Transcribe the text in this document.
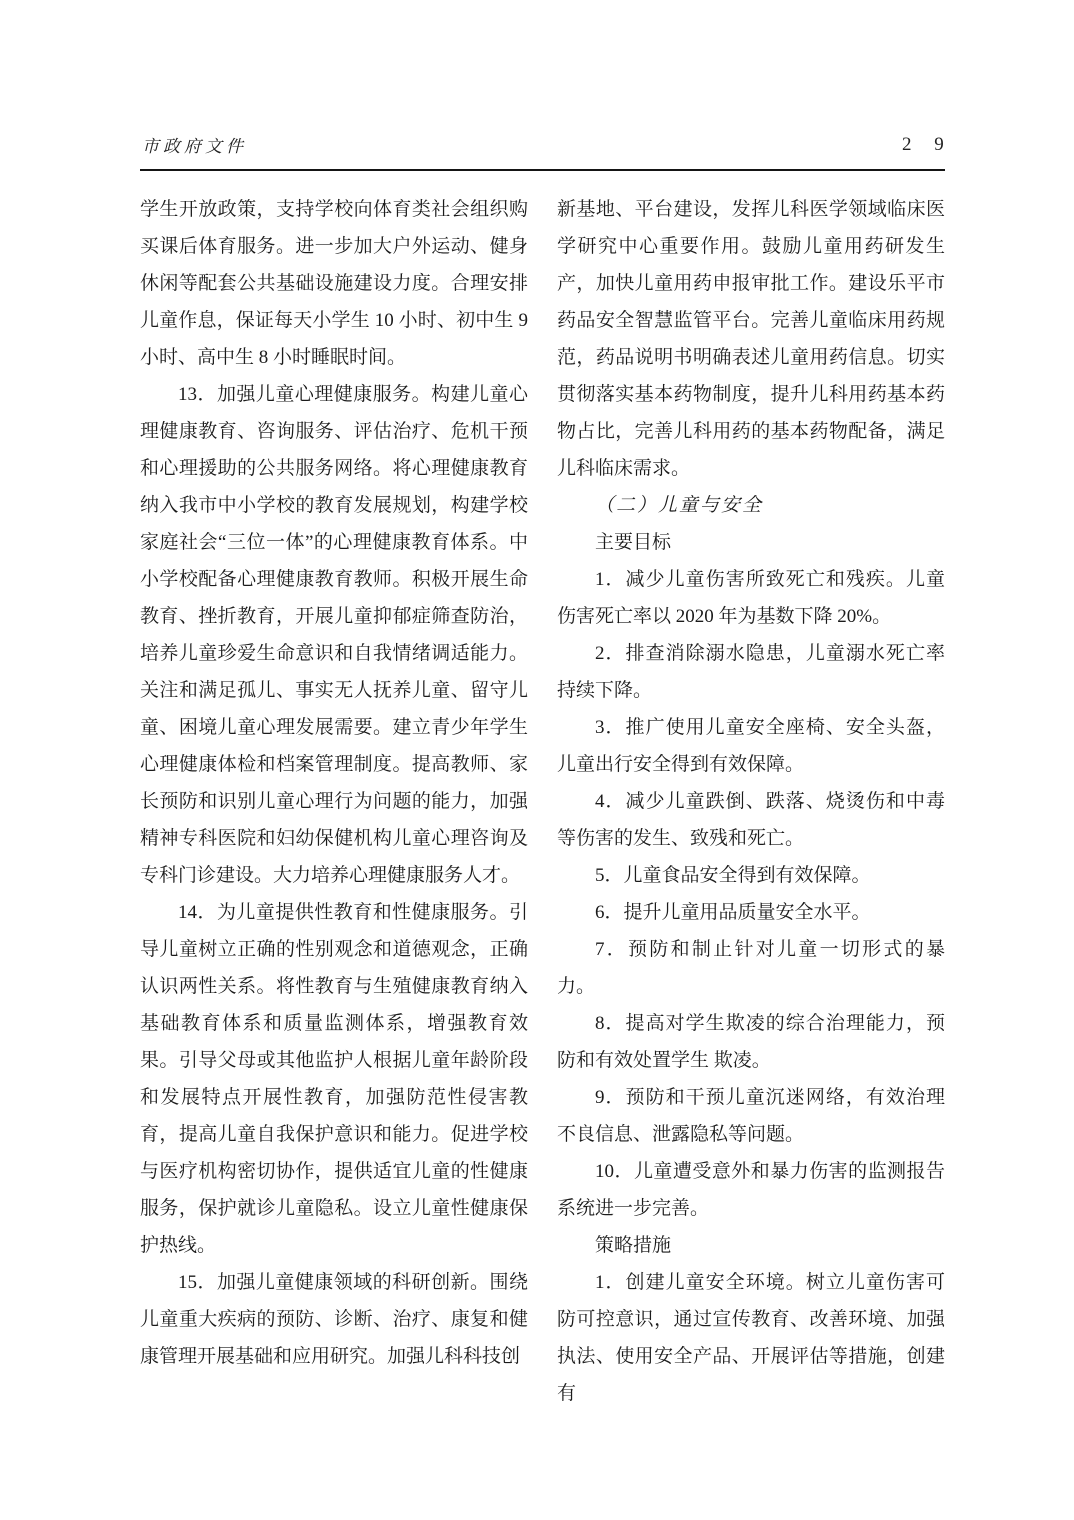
市政府文件	2 9

学生开放政策，支持学校向体育类社会组织购买课后体育服务。进一步加大户外运动、健身休闲等配套公共基础设施建设力度。合理安排儿童作息，保证每天小学生 10 小时、初中生 9 小时、高中生 8 小时睡眠时间。

13．加强儿童心理健康服务。构建儿童心理健康教育、咨询服务、评估治疗、危机干预和心理援助的公共服务网络。将心理健康教育纳入我市中小学校的教育发展规划，构建学校家庭社会“三位一体”的心理健康教育体系。中小学校配备心理健康教育教师。积极开展生命教育、挫折教育，开展儿童抑郁症筛查防治，培养儿童珍爱生命意识和自我情绪调适能力。关注和满足孤儿、事实无人抚养儿童、留守儿童、困境儿童心理发展需要。建立青少年学生心理健康体检和档案管理制度。提高教师、家长预防和识别儿童心理行为问题的能力，加强精神专科医院和妇幼保健机构儿童心理咨询及专科门诊建设。大力培养心理健康服务人才。

14．为儿童提供性教育和性健康服务。引导儿童树立正确的性别观念和道德观念，正确认识两性关系。将性教育与生殖健康教育纳入基础教育体系和质量监测体系，增强教育效果。引导父母或其他监护人根据儿童年龄阶段和发展特点开展性教育，加强防范性侵害教育，提高儿童自我保护意识和能力。促进学校与医疗机构密切协作，提供适宜儿童的性健康服务，保护就诊儿童隐私。设立儿童性健康保护热线。

15．加强儿童健康领域的科研创新。围绕儿童重大疾病的预防、诊断、治疗、康复和健康管理开展基础和应用研究。加强儿科科技创

新基地、平台建设，发挥儿科医学领域临床医学研究中心重要作用。鼓励儿童用药研发生产，加快儿童用药申报审批工作。建设乐平市药品安全智慧监管平台。完善儿童临床用药规范，药品说明书明确表述儿童用药信息。切实贯彻落实基本药物制度，提升儿科用药基本药物占比，完善儿科用药的基本药物配备，满足儿科临床需求。

（二）儿童与安全

主要目标

1．减少儿童伤害所致死亡和残疾。儿童伤害死亡率以 2020 年为基数下降 20%。

2．排查消除溺水隐患，儿童溺水死亡率持续下降。

3．推广使用儿童安全座椅、安全头盔，儿童出行安全得到有效保障。

4．减少儿童跌倒、跌落、烧烫伤和中毒等伤害的发生、致残和死亡。

5．儿童食品安全得到有效保障。

6．提升儿童用品质量安全水平。

7．预防和制止针对儿童一切形式的暴力。

8．提高对学生欺凌的综合治理能力，预防和有效处置学生 欺凌。

9．预防和干预儿童沉迷网络，有效治理不良信息、泄露隐私等问题。

10．儿童遭受意外和暴力伤害的监测报告系统进一步完善。

策略措施

1．创建儿童安全环境。树立儿童伤害可防可控意识，通过宣传教育、改善环境、加强执法、使用安全产品、开展评估等措施，创建有
